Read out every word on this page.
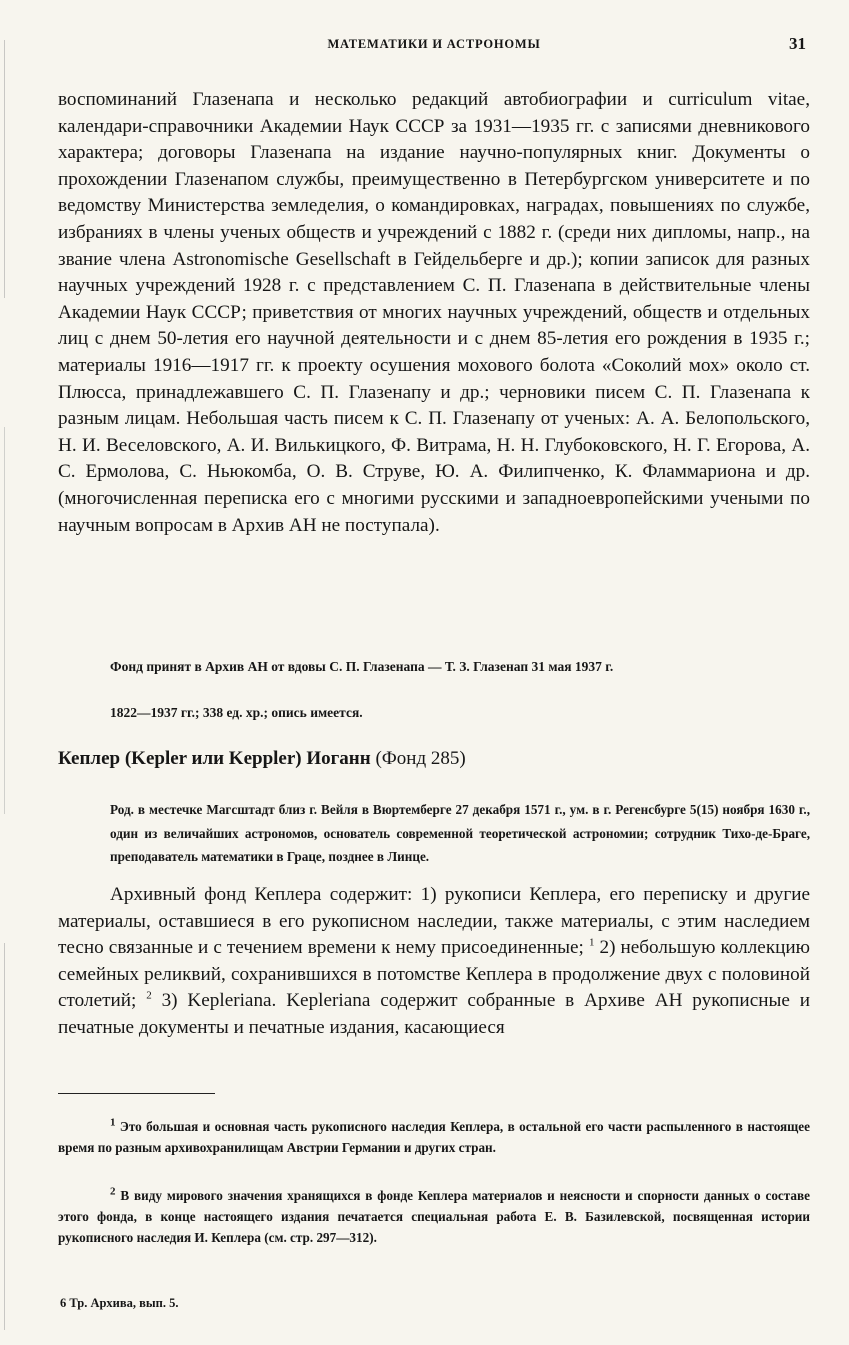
МАТЕМАТИКИ И АСТРОНОМЫ	31

воспоминаний Глазенапа и несколько редакций автобиографии и curriculum vitae, календари-справочники Академии Наук СССР за 1931—1935 гг. с записями дневникового характера; договоры Глазенапа на издание научно-популярных книг. Документы о прохождении Глазенапом службы, преимущественно в Петербургском университете и по ведомству Министерства земледелия, о командировках, наградах, повышениях по службе, избраниях в члены ученых обществ и учреждений с 1882 г. (среди них дипломы, напр., на звание члена Astronomische Gesellschaft в Гейдельберге и др.); копии записок для разных научных учреждений 1928 г. с представлением С. П. Глазенапа в действительные члены Академии Наук СССР; приветствия от многих научных учреждений, обществ и отдельных лиц с днем 50-летия его научной деятельности и с днем 85-летия его рождения в 1935 г.; материалы 1916—1917 гг. к проекту осушения мохового болота «Соколий мох» около ст. Плюсса, принадлежавшего С. П. Глазенапу и др.; черновики писем С. П. Глазенапа к разным лицам. Небольшая часть писем к С. П. Глазенапу от ученых: А. А. Белопольского, Н. И. Веселовского, А. И. Вилькицкого, Ф. Витрама, Н. Н. Глубоковского, Н. Г. Егорова, А. С. Ермолова, С. Ньюкомба, О. В. Струве, Ю. А. Филипченко, К. Фламмариона и др. (многочисленная переписка его с многими русскими и западноевропейскими учеными по научным вопросам в Архив АН не поступала).

Фонд принят в Архив АН от вдовы С. П. Глазенапа — Т. З. Глазенап 31 мая 1937 г.

1822—1937 гг.; 338 ед. хр.; опись имеется.

Кеплер (Kepler или Keppler) Иоганн (Фонд 285)

Род. в местечке Магсштадт близ г. Вейля в Вюртемберге 27 декабря 1571 г., ум. в г. Регенсбурге 5(15) ноября 1630 г., один из величайших астрономов, основатель современной теоретической астрономии; сотрудник Тихо-де-Браге, преподаватель математики в Граце, позднее в Линце.

Архивный фонд Кеплера содержит: 1) рукописи Кеплера, его переписку и другие материалы, оставшиеся в его рукописном наследии, также материалы, с этим наследием тесно связанные и с течением времени к нему присоединенные; $^1$ 2) небольшую коллекцию семейных реликвий, сохранившихся в потомстве Кеплера в продолжение двух с половиной столетий; $^2$ 3) Kepleriana. Kepleriana содержит собранные в Архиве АН рукописные и печатные документы и печатные издания, касающиеся

$^1$ Это большая и основная часть рукописного наследия Кеплера, в остальной его части распыленного в настоящее время по разным архивохранилищам Австрии Германии и других стран.

$^2$ В виду мирового значения хранящихся в фонде Кеплера материалов и неясности и спорности данных о составе этого фонда, в конце настоящего издания печатается специальная работа Е. В. Базилевской, посвященная истории рукописного наследия И. Кеплера (см. стр. 297—312).

6 Тр. Архива, вып. 5.
